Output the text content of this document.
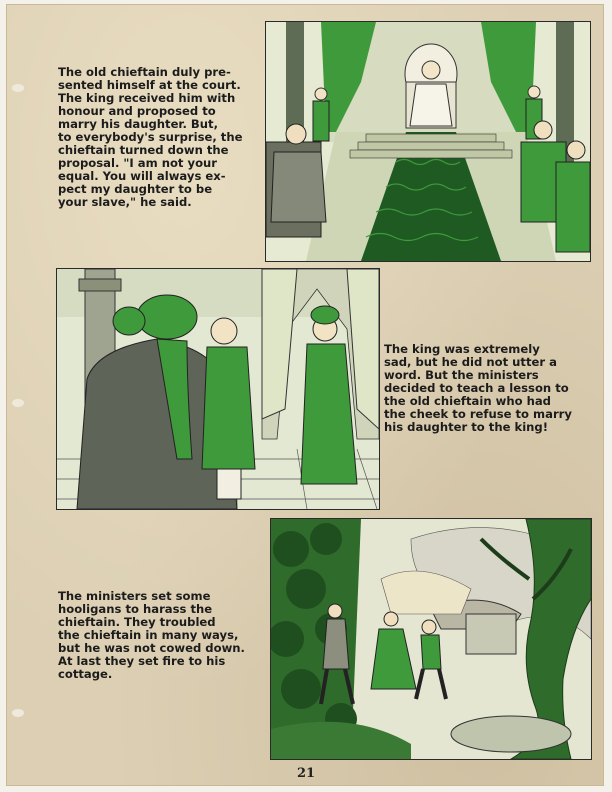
The old chieftain duly pre-
sented himself at the court.
The king received him with
honour and proposed to
marry his daughter. But,
to everybody's surprise, the
chieftain turned down the
proposal. "I am not your
equal. You will always ex-
pect my daughter to be
your slave," he said.

The king was extremely
sad, but he did not utter a
word. But the ministers
decided to teach a lesson to
the old chieftain who had
the cheek to refuse to marry
his daughter to the king!

The ministers set some
hooligans to harass the
chieftain. They troubled
the chieftain in many ways,
but he was not cowed down.
At last they set fire to his
cottage.

21
